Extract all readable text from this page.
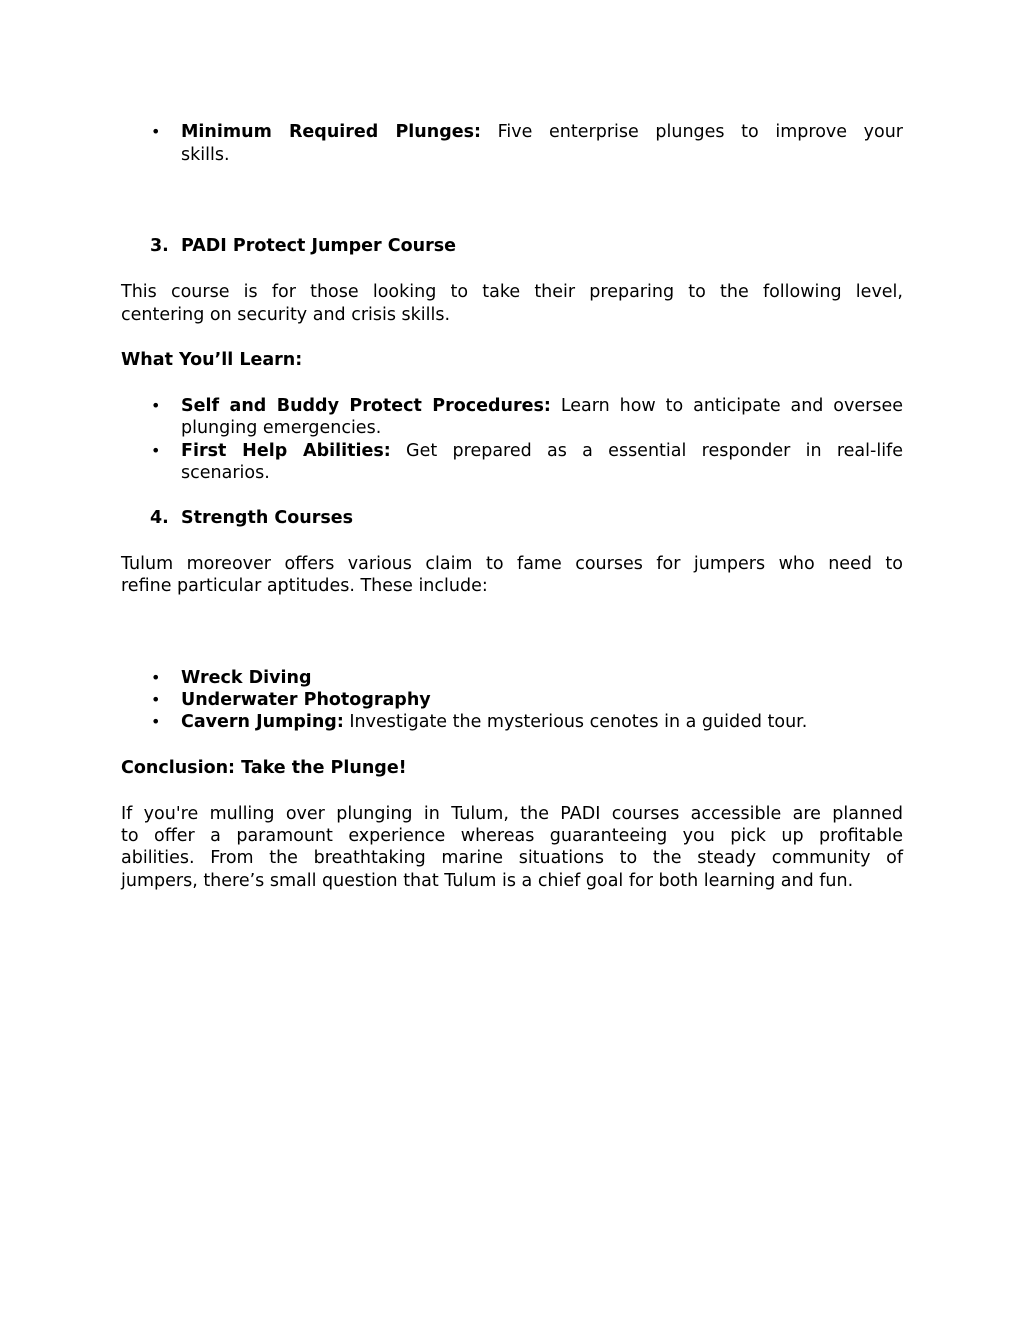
• Minimum Required Plunges: Five enterprise plunges to improve your
skills.
3. PADI Protect Jumper Course
This course is for those looking to take their preparing to the following level,
centering on security and crisis skills.
What You’ll Learn:
• Self and Buddy Protect Procedures: Learn how to anticipate and oversee
plunging emergencies.
• First Help Abilities: Get prepared as a essential responder in real-life
scenarios.
4. Strength Courses
Tulum moreover offers various claim to fame courses for jumpers who need to
refine particular aptitudes. These include:
• Wreck Diving
• Underwater Photography
• Cavern Jumping: Investigate the mysterious cenotes in a guided tour.
Conclusion: Take the Plunge!
If you're mulling over plunging in Tulum, the PADI courses accessible are planned
to offer a paramount experience whereas guaranteeing you pick up profitable
abilities. From the breathtaking marine situations to the steady community of
jumpers, there’s small question that Tulum is a chief goal for both learning and fun.
